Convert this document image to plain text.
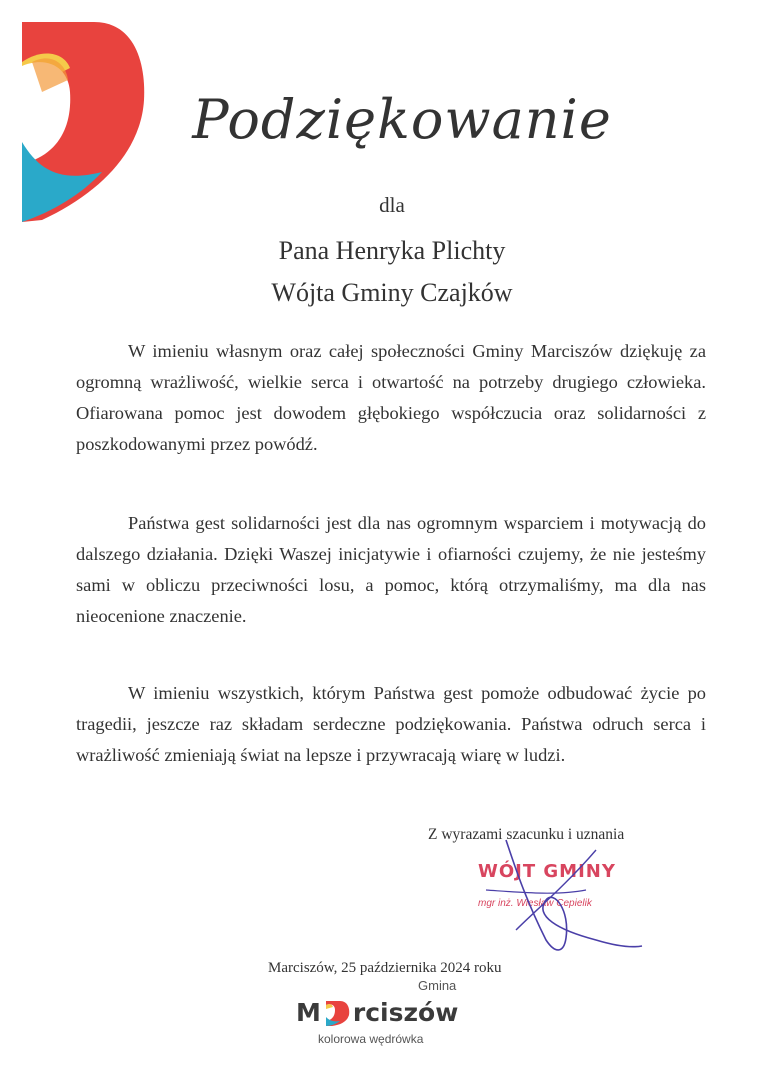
Podziękowanie
dla
Pana Henryka Plichty
Wójta Gminy Czajków
W imieniu własnym oraz całej społeczności Gminy Marciszów dziękuję za ogromną wrażliwość, wielkie serca i otwartość na potrzeby drugiego człowieka. Ofiarowana pomoc jest dowodem głębokiego współczucia oraz solidarności z poszkodowanymi przez powódź.
Państwa gest solidarności jest dla nas ogromnym wsparciem i motywacją do dalszego działania. Dzięki Waszej inicjatywie i ofiarności czujemy, że nie jesteśmy sami w obliczu przeciwności losu, a pomoc, którą otrzymaliśmy, ma dla nas nieocenione znaczenie.
W imieniu wszystkich, którym Państwa gest pomoże odbudować życie po tragedii, jeszcze raz składam serdeczne podziękowania. Państwa odruch serca i wrażliwość zmieniają świat na lepsze i przywracają wiarę w ludzi.
Z wyrazami szacunku i uznania
WÓJT GMINY
mgr inż. Wiesław Cepielik
Marciszów, 25 października 2024 roku
Gmina
M rciszów
kolorowa wędrówka
